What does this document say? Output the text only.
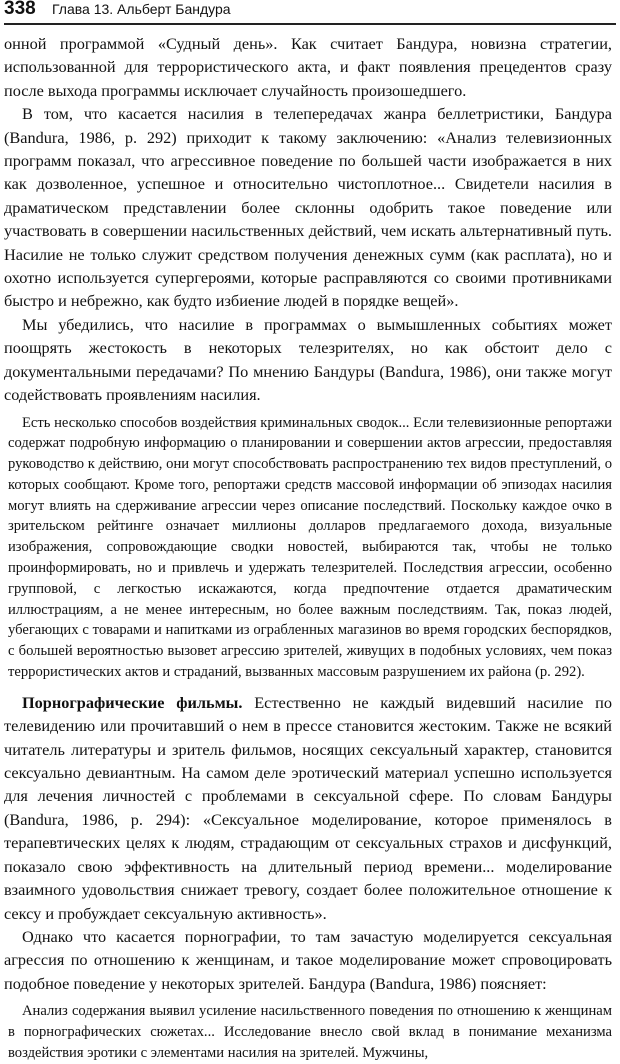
338 Глава 13. Альберт Бандура

онной программой «Судный день». Как считает Бандура, новизна стратегии, использованной для террористического акта, и факт появления прецедентов сразу после выхода программы исключает случайность произошедшего.

В том, что касается насилия в телепередачах жанра беллетристики, Бандура (Bandura, 1986, p. 292) приходит к такому заключению: «Анализ телевизионных программ показал, что агрессивное поведение по большей части изображается в них как дозволенное, успешное и относительно чистоплотное... Свидетели насилия в драматическом представлении более склонны одобрить такое поведение или участвовать в совершении насильственных действий, чем искать альтернативный путь. Насилие не только служит средством получения денежных сумм (как расплата), но и охотно используется супергероями, которые расправляются со своими противниками быстро и небрежно, как будто избиение людей в порядке вещей».

Мы убедились, что насилие в программах о вымышленных событиях может поощрять жестокость в некоторых телезрителях, но как обстоит дело с документальными передачами? По мнению Бандуры (Bandura, 1986), они также могут содействовать проявлениям насилия.

Есть несколько способов воздействия криминальных сводок... Если телевизионные репортажи содержат подробную информацию о планировании и совершении актов агрессии, предоставляя руководство к действию, они могут способствовать распространению тех видов преступлений, о которых сообщают. Кроме того, репортажи средств массовой информации об эпизодах насилия могут влиять на сдерживание агрессии через описание последствий. Поскольку каждое очко в зрительском рейтинге означает миллионы долларов предлагаемого дохода, визуальные изображения, сопровождающие сводки новостей, выбираются так, чтобы не только проинформировать, но и привлечь и удержать телезрителей. Последствия агрессии, особенно групповой, с легкостью искажаются, когда предпочтение отдается драматическим иллюстрациям, а не менее интересным, но более важным последствиям. Так, показ людей, убегающих с товарами и напитками из ограбленных магазинов во время городских беспорядков, с большей вероятностью вызовет агрессию зрителей, живущих в подобных условиях, чем показ террористических актов и страданий, вызванных массовым разрушением их района (p. 292).

Порнографические фильмы. Естественно не каждый видевший насилие по телевидению или прочитавший о нем в прессе становится жестоким. Также не всякий читатель литературы и зритель фильмов, носящих сексуальный характер, становится сексуально девиантным. На самом деле эротический материал успешно используется для лечения личностей с проблемами в сексуальной сфере. По словам Бандуры (Bandura, 1986, p. 294): «Сексуальное моделирование, которое применялось в терапевтических целях к людям, страдающим от сексуальных страхов и дисфункций, показало свою эффективность на длительный период времени... моделирование взаимного удовольствия снижает тревогу, создает более положительное отношение к сексу и пробуждает сексуальную активность».

Однако что касается порнографии, то там зачастую моделируется сексуальная агрессия по отношению к женщинам, и такое моделирование может спровоцировать подобное поведение у некоторых зрителей. Бандура (Bandura, 1986) поясняет:

Анализ содержания выявил усиление насильственного поведения по отношению к женщинам в порнографических сюжетах... Исследование внесло свой вклад в понимание механизма воздействия эротики с элементами насилия на зрителей. Мужчины,
